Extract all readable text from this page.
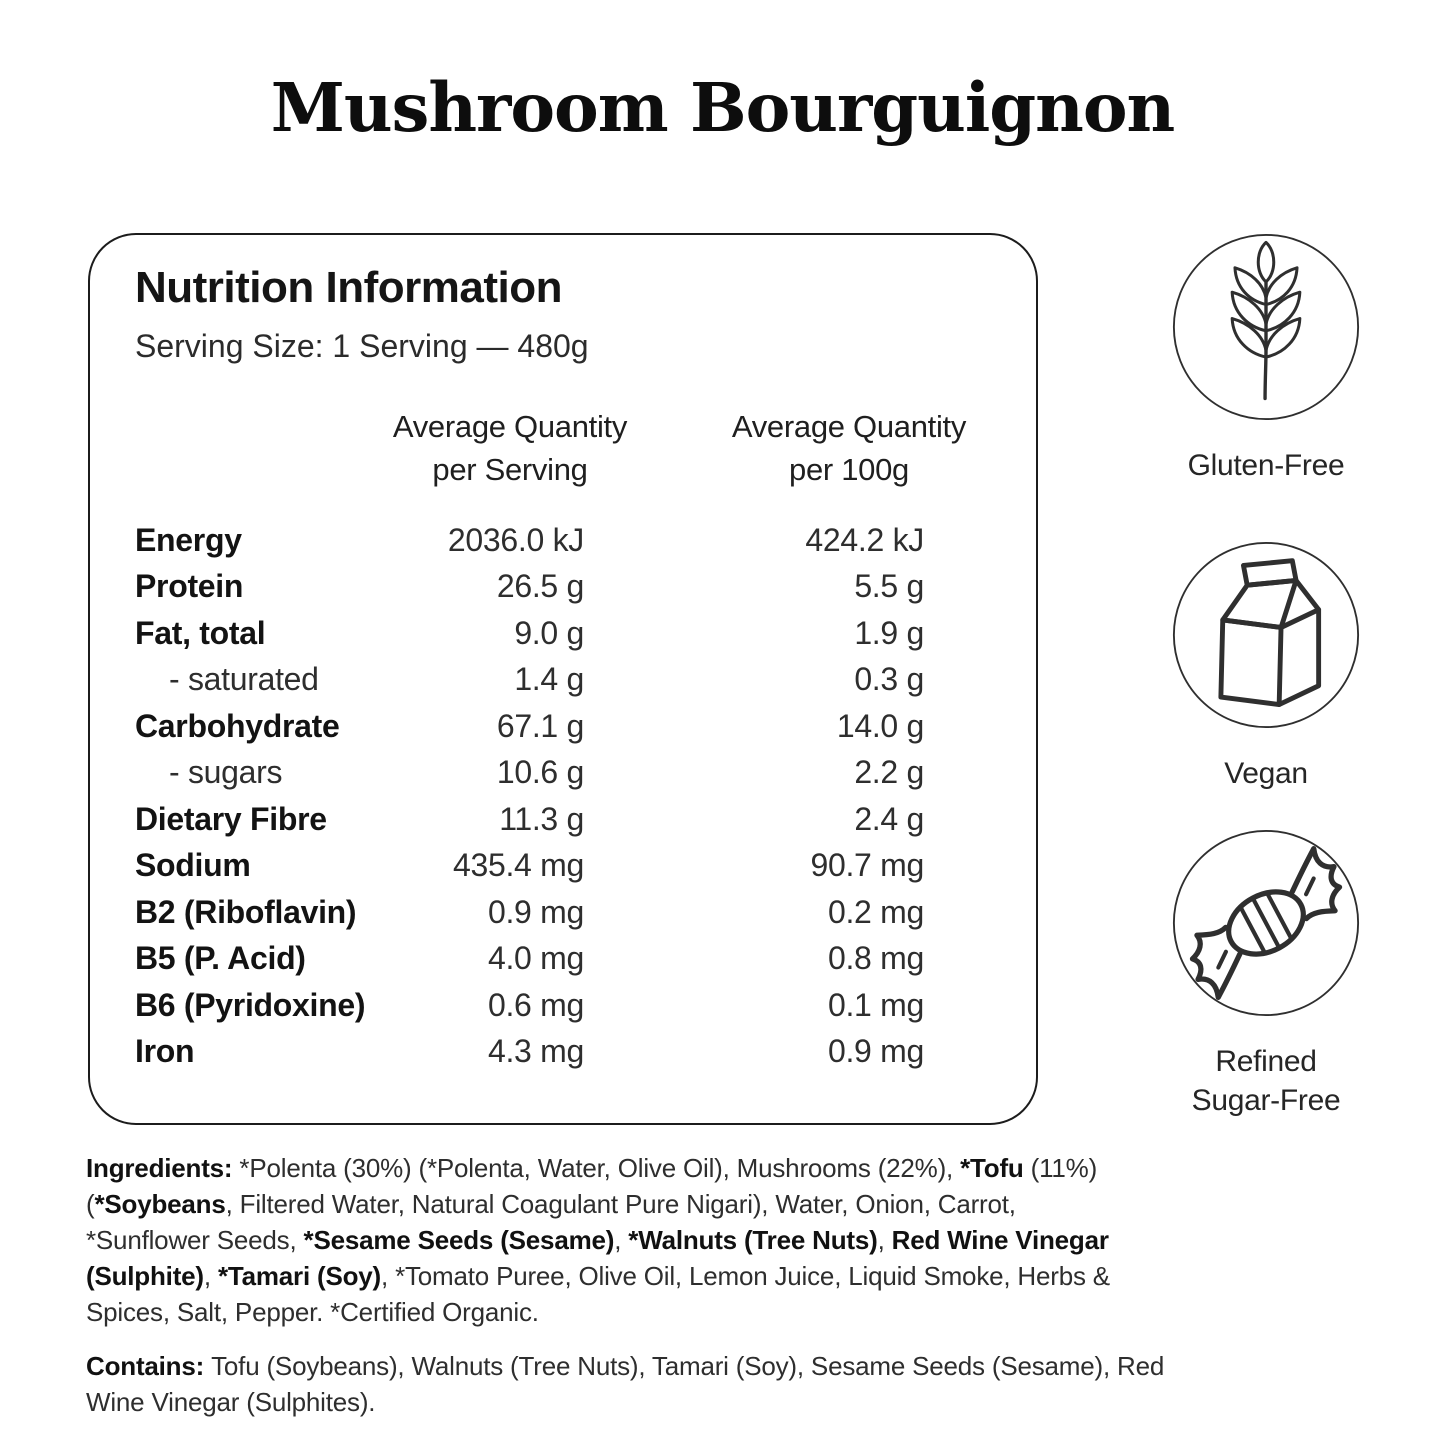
Mushroom Bourguignon
Nutrition Information
Serving Size: 1 Serving — 480g
Average Quantity
per Serving
Average Quantity
per 100g
Energy	2036.0 kJ	424.2 kJ
Protein	26.5 g	5.5 g
Fat, total	9.0 g	1.9 g
- saturated	1.4 g	0.3 g
Carbohydrate	67.1 g	14.0 g
- sugars	10.6 g	2.2 g
Dietary Fibre	11.3 g	2.4 g
Sodium	435.4 mg	90.7 mg
B2 (Riboflavin)	0.9 mg	0.2 mg
B5 (P. Acid)	4.0 mg	0.8 mg
B6 (Pyridoxine)	0.6 mg	0.1 mg
Iron	4.3 mg	0.9 mg
Gluten-Free
Vegan
Refined Sugar-Free
Ingredients: *Polenta (30%) (*Polenta, Water, Olive Oil), Mushrooms (22%), *Tofu (11%)
(*Soybeans, Filtered Water, Natural Coagulant Pure Nigari), Water, Onion, Carrot,
*Sunflower Seeds, *Sesame Seeds (Sesame), *Walnuts (Tree Nuts), Red Wine Vinegar
(Sulphite), *Tamari (Soy), *Tomato Puree, Olive Oil, Lemon Juice, Liquid Smoke, Herbs &
Spices, Salt, Pepper. *Certified Organic.
Contains: Tofu (Soybeans), Walnuts (Tree Nuts), Tamari (Soy), Sesame Seeds (Sesame), Red
Wine Vinegar (Sulphites).
